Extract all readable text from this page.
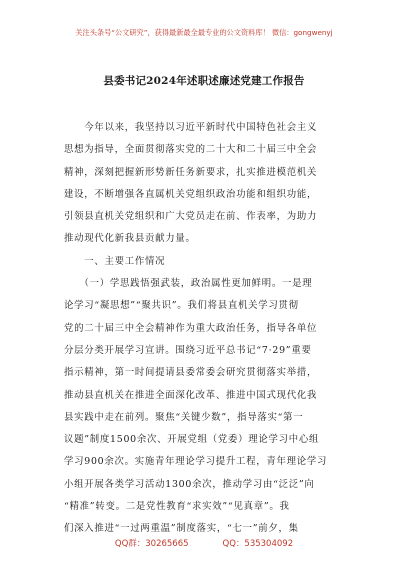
关注头条号“公文研究”，获得最新最全最专业的公文资料库！ 微信：gongwenyj
县委书记2024年述职述廉述党建工作报告
　　今年以来，我坚持以习近平新时代中国特色社会主义
思想为指导，全面贯彻落实党的二十大和二十届三中全会
精神，深刻把握新形势新任务新要求，扎实推进模范机关
建设，不断增强各直属机关党组织政治功能和组织功能，
引领县直机关党组织和广大党员走在前、作表率，为助力
推动现代化新我县贡献力量。
　　一、主要工作情况
　　（一）学思践悟强武装，政治属性更加鲜明。一是理
论学习“凝思想”“聚共识”。我们将县直机关学习贯彻
党的二十届三中全会精神作为重大政治任务，指导各单位
分层分类开展学习宣讲。围绕习近平总书记“7·29”重要
指示精神，第一时间提请县委常委会研究贯彻落实举措，
推动县直机关在推进全面深化改革、推进中国式现代化我
县实践中走在前列。聚焦“关键少数”，指导落实“第一
议题”制度1500余次、开展党组（党委）理论学习中心组
学习900余次。实施青年理论学习提升工程，青年理论学习
小组开展各类学习活动1300余次，推动学习由“泛泛”向
“精准”转变。二是党性教育“求实效”“见真章”。我
们深入推进“一过两重温”制度落实，“七一”前夕，集
QQ群：30265665	QQ：535304092
